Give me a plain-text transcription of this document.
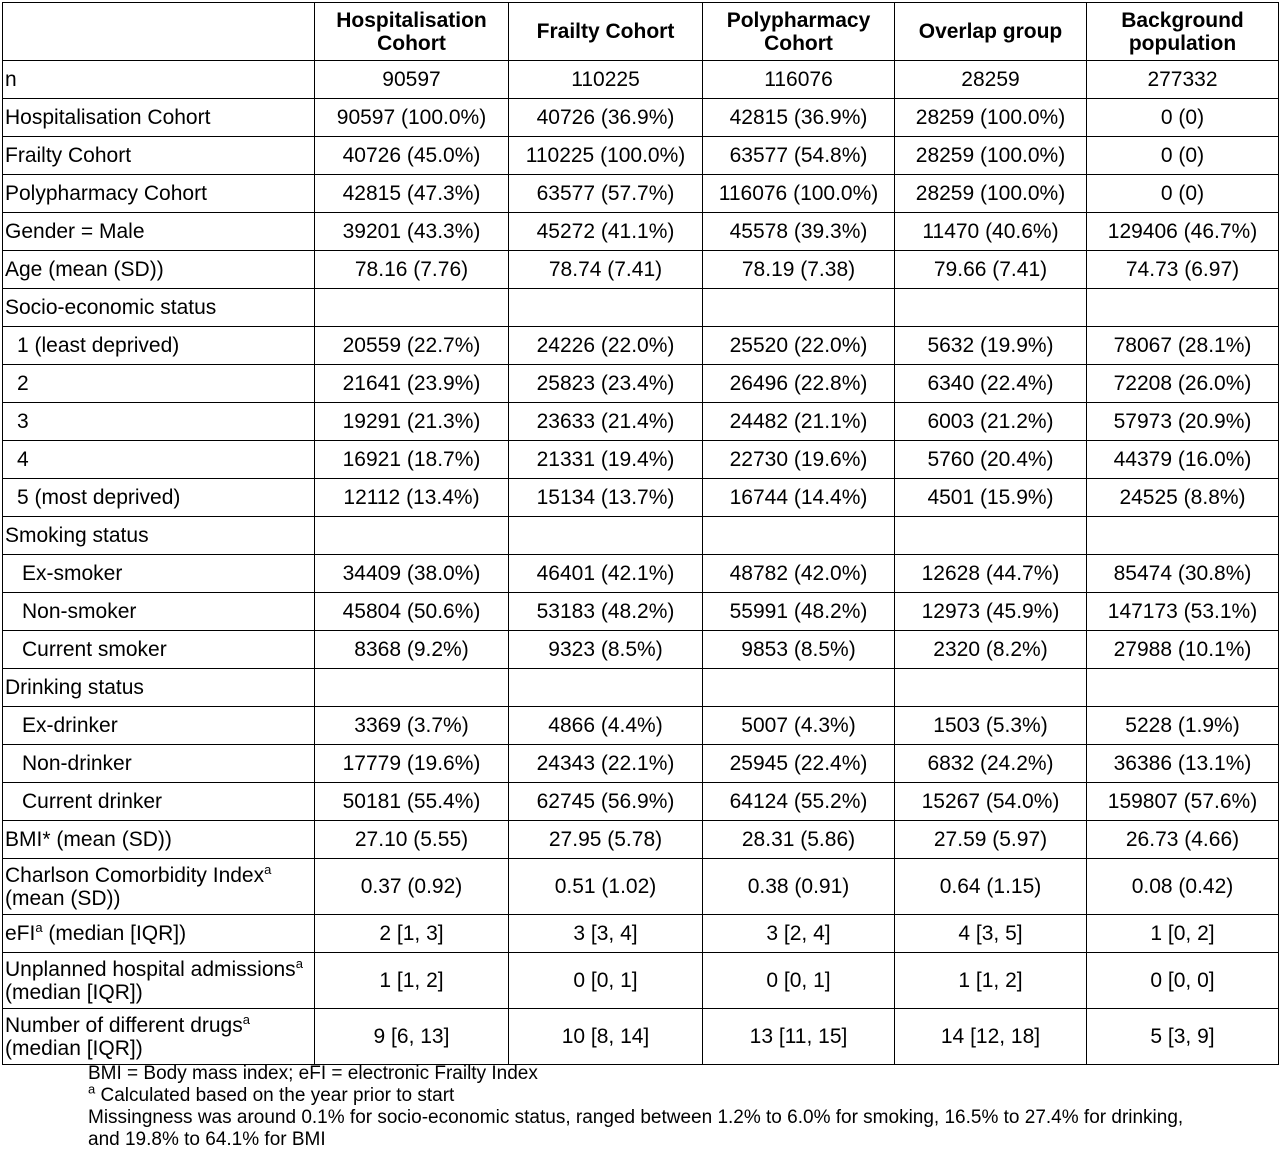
	Hospitalisation Cohort	Frailty Cohort	Polypharmacy Cohort	Overlap group	Background population
n	90597	110225	116076	28259	277332
Hospitalisation Cohort	90597 (100.0%)	40726 (36.9%)	42815 (36.9%)	28259 (100.0%)	0 (0)
Frailty Cohort	40726 (45.0%)	110225 (100.0%)	63577 (54.8%)	28259 (100.0%)	0 (0)
Polypharmacy Cohort	42815 (47.3%)	63577 (57.7%)	116076 (100.0%)	28259 (100.0%)	0 (0)
Gender = Male	39201 (43.3%)	45272 (41.1%)	45578 (39.3%)	11470 (40.6%)	129406 (46.7%)
Age (mean (SD))	78.16 (7.76)	78.74 (7.41)	78.19 (7.38)	79.66 (7.41)	74.73 (6.97)
Socio-economic status					
1 (least deprived)	20559 (22.7%)	24226 (22.0%)	25520 (22.0%)	5632 (19.9%)	78067 (28.1%)
2	21641 (23.9%)	25823 (23.4%)	26496 (22.8%)	6340 (22.4%)	72208 (26.0%)
3	19291 (21.3%)	23633 (21.4%)	24482 (21.1%)	6003 (21.2%)	57973 (20.9%)
4	16921 (18.7%)	21331 (19.4%)	22730 (19.6%)	5760 (20.4%)	44379 (16.0%)
5 (most deprived)	12112 (13.4%)	15134 (13.7%)	16744 (14.4%)	4501 (15.9%)	24525 (8.8%)
Smoking status					
Ex-smoker	34409 (38.0%)	46401 (42.1%)	48782 (42.0%)	12628 (44.7%)	85474 (30.8%)
Non-smoker	45804 (50.6%)	53183 (48.2%)	55991 (48.2%)	12973 (45.9%)	147173 (53.1%)
Current smoker	8368 (9.2%)	9323 (8.5%)	9853 (8.5%)	2320 (8.2%)	27988 (10.1%)
Drinking status					
Ex-drinker	3369 (3.7%)	4866 (4.4%)	5007 (4.3%)	1503 (5.3%)	5228 (1.9%)
Non-drinker	17779 (19.6%)	24343 (22.1%)	25945 (22.4%)	6832 (24.2%)	36386 (13.1%)
Current drinker	50181 (55.4%)	62745 (56.9%)	64124 (55.2%)	15267 (54.0%)	159807 (57.6%)
BMI* (mean (SD))	27.10 (5.55)	27.95 (5.78)	28.31 (5.86)	27.59 (5.97)	26.73 (4.66)
Charlson Comorbidity Index$^a$ (mean (SD))	0.37 (0.92)	0.51 (1.02)	0.38 (0.91)	0.64 (1.15)	0.08 (0.42)
eFI$^a$ (median [IQR])	2 [1, 3]	3 [3, 4]	3 [2, 4]	4 [3, 5]	1 [0, 2]
Unplanned hospital admissions$^a$ (median [IQR])	1 [1, 2]	0 [0, 1]	0 [0, 1]	1 [1, 2]	0 [0, 0]
Number of different drugs$^a$ (median [IQR])	9 [6, 13]	10 [8, 14]	13 [11, 15]	14 [12, 18]	5 [3, 9]
BMI = Body mass index; eFI = electronic Frailty Index
$^a$ Calculated based on the year prior to start
Missingness was around 0.1% for socio-economic status, ranged between 1.2% to 6.0% for smoking, 16.5% to 27.4% for drinking, and 19.8% to 64.1% for BMI
